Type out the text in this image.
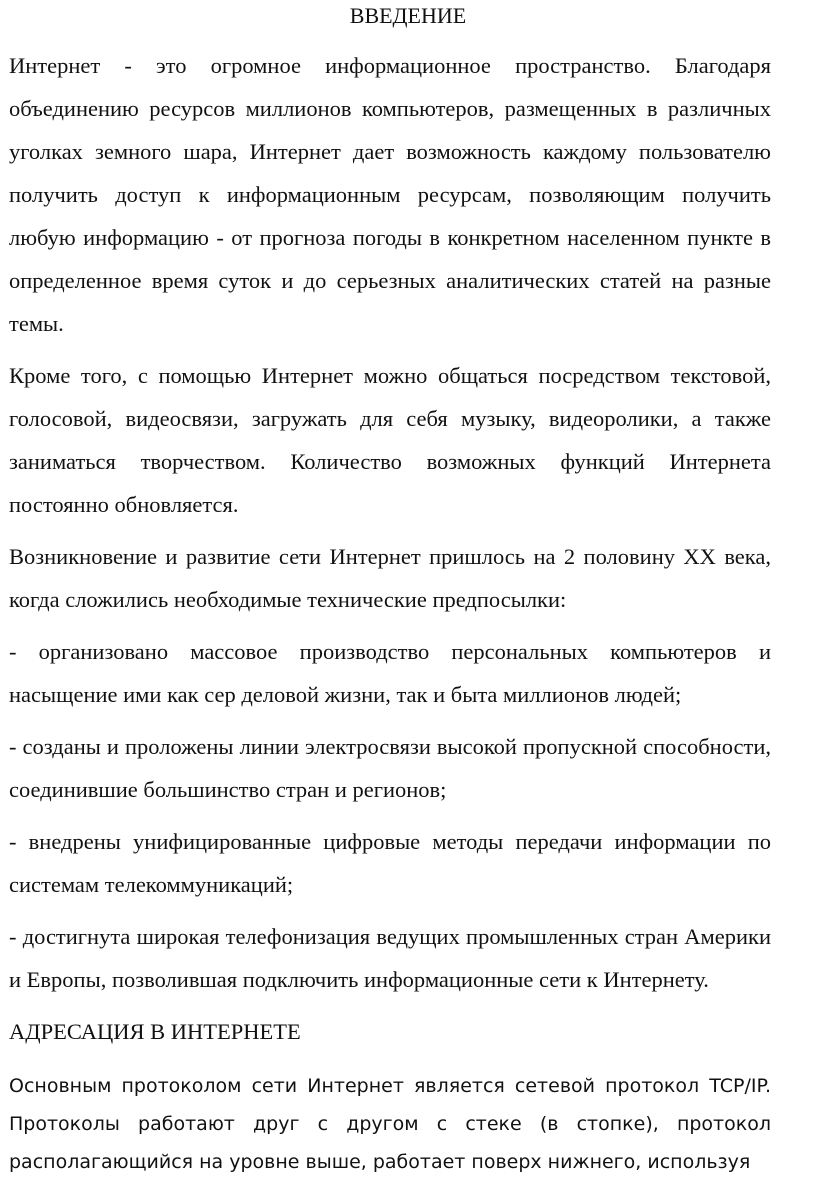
ВВЕДЕНИЕ

Интернет - это огромное информационное пространство. Благодаря объединению ресурсов миллионов компьютеров, размещенных в различных уголках земного шара, Интернет дает возможность каждому пользователю получить доступ к информационным ресурсам, позволяющим получить любую информацию - от прогноза погоды в конкретном населенном пункте в определенное время суток и до серьезных аналитических статей на разные темы.

Кроме того, с помощью Интернет можно общаться посредством текстовой, голосовой, видеосвязи, загружать для себя музыку, видеоролики, а также заниматься творчеством. Количество возможных функций Интернета постоянно обновляется.

Возникновение и развитие сети Интернет пришлось на 2 половину XX века, когда сложились необходимые технические предпосылки:

- организовано массовое производство персональных компьютеров и насыщение ими как сер деловой жизни, так и быта миллионов людей;

- созданы и проложены линии электросвязи высокой пропускной способности, соединившие большинство стран и регионов;

- внедрены унифицированные цифровые методы передачи информации по системам телекоммуникаций;

- достигнута широкая телефонизация ведущих промышленных стран Америки и Европы, позволившая подключить информационные сети к Интернету.

АДРЕСАЦИЯ В ИНТЕРНЕТЕ

Основным протоколом сети Интернет является сетевой протокол TCP/IP. Протоколы работают друг с другом с стеке (в стопке), протокол располагающийся на уровне выше, работает поверх нижнего, используя
